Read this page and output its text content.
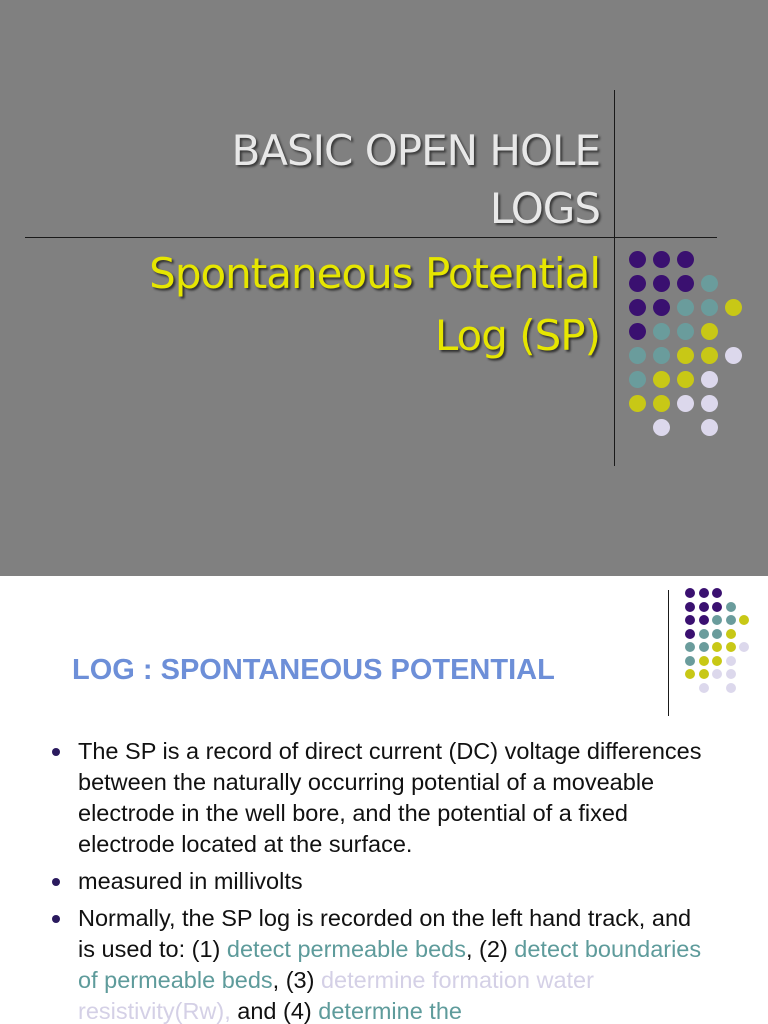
BASIC OPEN HOLE
LOGS
Spontaneous Potential
Log (SP)
LOG : SPONTANEOUS POTENTIAL
The SP is a record of direct current (DC) voltage differences between the naturally occurring potential of a moveable electrode in the well bore, and the potential of a fixed electrode located at the surface.
measured in millivolts
Normally, the SP log is recorded on the left hand track, and is used to: (1) detect permeable beds, (2) detect boundaries of permeable beds, (3) determine formation water resistivity(Rw), and (4) determine the
